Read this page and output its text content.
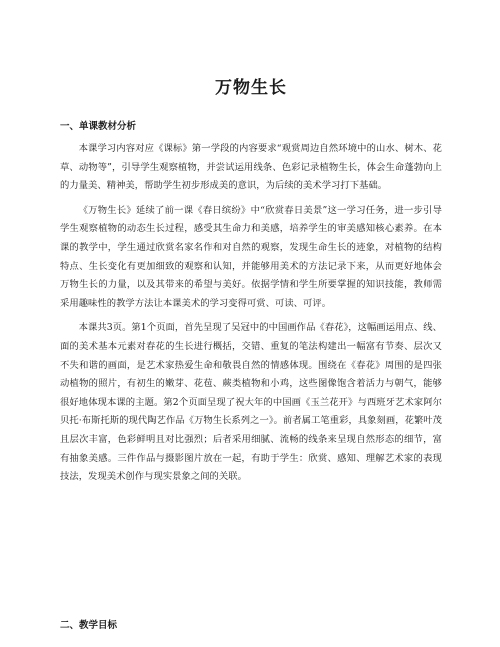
万物生长
一、单课教材分析

本课学习内容对应《课标》第一学段的内容要求“观赏周边自然环境中的山水、树木、花草、动物等”，引导学生观察植物，并尝试运用线条、色彩记录植物生长，体会生命蓬勃向上的力量美、精神美，帮助学生初步形成美的意识，为后续的美术学习打下基础。

《万物生长》延续了前一课《春日缤纷》中“欣赏春日美景”这一学习任务，进一步引导学生观察植物的动态生长过程，感受其生命力和美感，培养学生的审美感知核心素养。在本课的教学中，学生通过欣赏名家名作和对自然的观察，发现生命生长的迹象，对植物的结构特点、生长变化有更加细致的观察和认知，并能够用美术的方法记录下来，从而更好地体会万物生长的力量，以及其带来的希望与美好。依据学情和学生所要掌握的知识技能，教师需采用趣味性的教学方法让本课美术的学习变得可赏、可读、可评。

本课共3页。第1个页面，首先呈现了吴冠中的中国画作品《春花》，这幅画运用点、线、面的美术基本元素对春花的生长进行概括，交错、重复的笔法构建出一幅富有节奏、层次又不失和谐的画面，是艺术家热爱生命和敬畏自然的情感体现。围绕在《春花》周围的是四张动植物的照片，有初生的嫩芽、花苞、蕨类植物和小鸡，这些图像饱含着活力与朝气，能够很好地体现本课的主题。第2个页面呈现了祝大年的中国画《玉兰花开》与西班牙艺术家阿尔贝托·布斯托斯的现代陶艺作品《万物生长系列之一》。前者属工笔重彩，具象刻画，花繁叶茂且层次丰富，色彩鲜明且对比强烈；后者采用细腻、流畅的线条来呈现自然形态的细节，富有抽象美感。三件作品与摄影图片放在一起，有助于学生：欣赏、感知、理解艺术家的表现技法，发现美术创作与现实景象之间的关联。

二、教学目标
